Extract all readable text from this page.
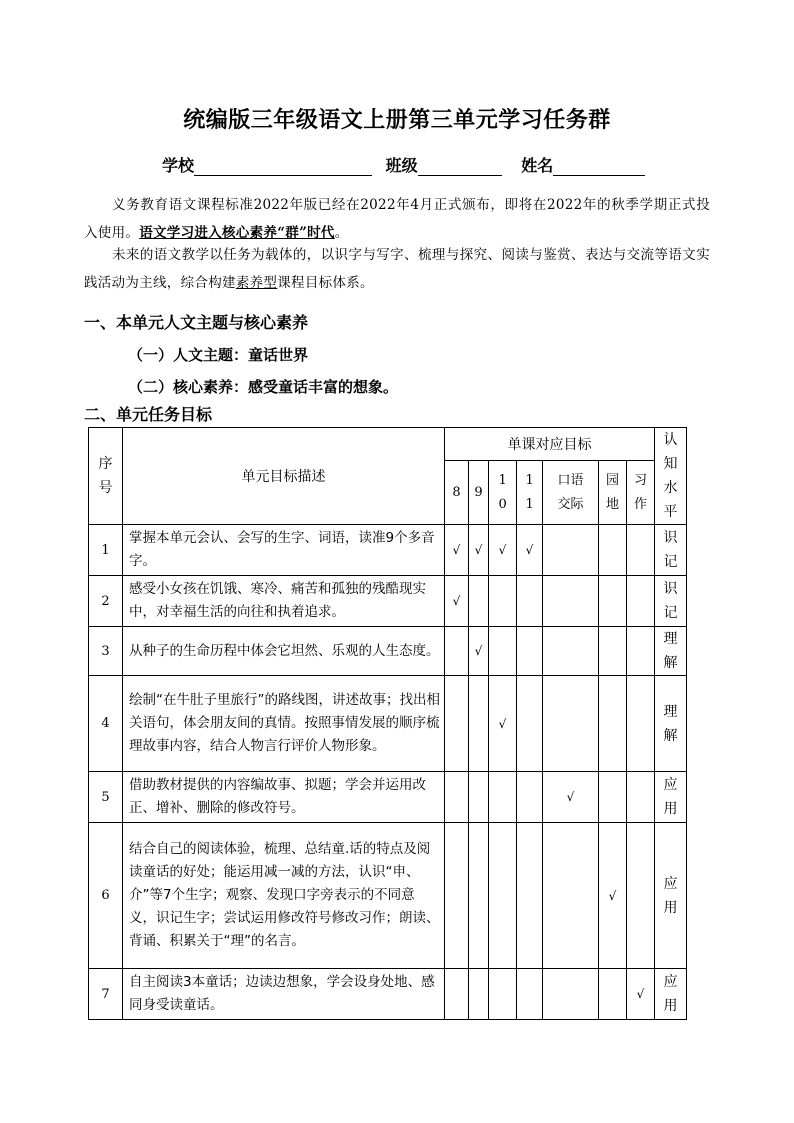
统编版三年级语文上册第三单元学习任务群
学校	班级	姓名
义务教育语文课程标准2022年版已经在2022年4月正式颁布，即将在2022年的秋季学期正式投入使用。语文学习进入核心素养“群”时代。
未来的语文教学以任务为载体的，以识字与写字、梳理与探究、阅读与鉴赏、表达与交流等语文实践活动为主线，综合构建素养型课程目标体系。
一、本单元人文主题与核心素养
（一）人文主题：童话世界
（二）核心素养：感受童话丰富的想象。
二、单元任务目标
序号	单元目标描述	单课对应目标							认知水平

		8	9	10	11	口语交际	园地	习作	

1	掌握本单元会认、会写的生字、词语，读准9个多音字。	√	√	√	√				识记

2	感受小女孩在饥饿、寒冷、痛苦和孤独的残酷现实中，对幸福生活的向往和执着追求。	√							识记

3	从种子的生命历程中体会它坦然、乐观的人生态度。		√						理解

4	绘制“在牛肚子里旅行”的路线图，讲述故事；找出相关语句，体会朋友间的真情。按照事情发展的顺序梳理故事内容，结合人物言行评价人物形象。			√					理解

5	借助教材提供的内容编故事、拟题；学会并运用改正、增补、删除的修改符号。					√			应用

6	结合自己的阅读体验，梳理、总结童.话的特点及阅读童话的好处；能运用减一减的方法，认识“申、介”等7个生字；观察、发现口字旁表示的不同意义，识记生字；尝试运用修改符号修改习作；朗读、背诵、积累关于“理”的名言。						√		应用

7	自主阅读3本童话；边读边想象，学会设身处地、感同身受读童话。							√	应用
